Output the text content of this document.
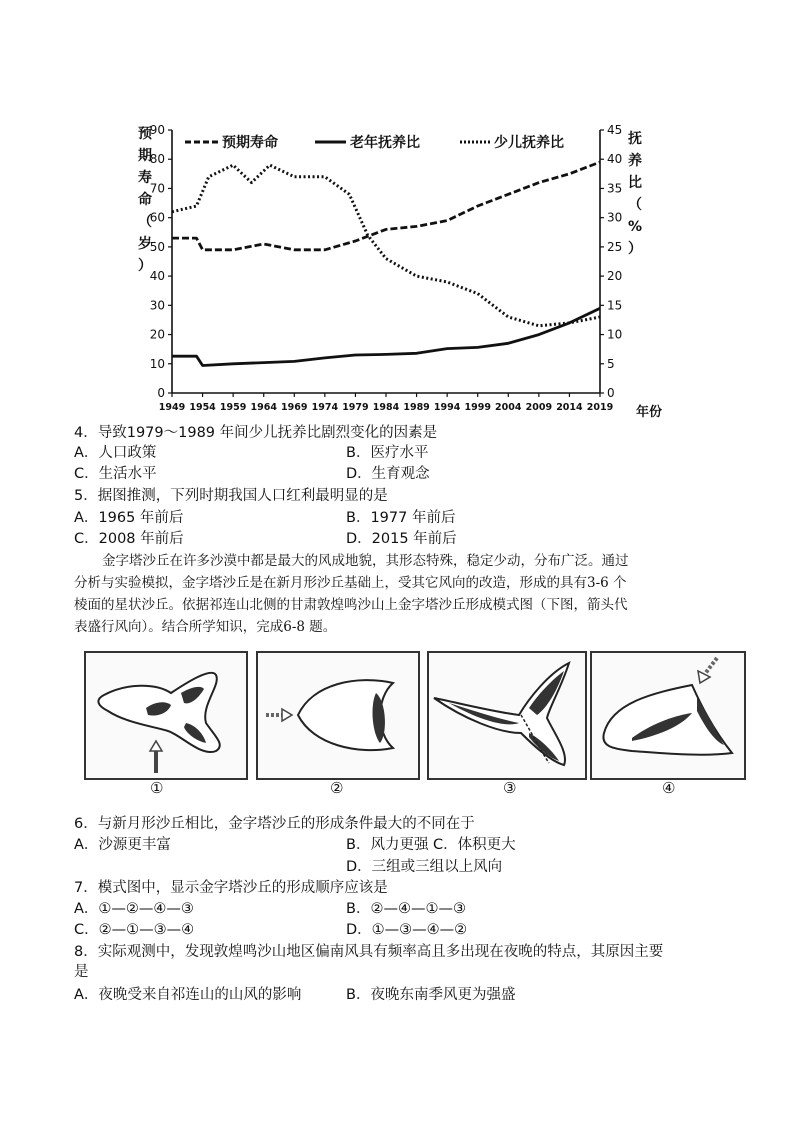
0
10
20
30
40
50
60
70
80
90
0
5
10
15
20
25
30
35
40
45
1949 1954 1959 1964 1969 1974 1979 1984 1989 1994 1999 2004 2009 2014 2019
预期寿命（岁）
抚养比（%）
年份
预期寿命	老年抚养比	少儿抚养比
4．导致1979～1989 年间少儿抚养比剧烈变化的因素是
A．人口政策	B．医疗水平
C．生活水平	D．生育观念
5．据图推测，下列时期我国人口红利最明显的是
A．1965 年前后	B．1977 年前后
C．2008 年前后	D．2015 年前后
金字塔沙丘在许多沙漠中都是最大的风成地貌，其形态特殊，稳定少动，分布广泛。通过
分析与实验模拟，金字塔沙丘是在新月形沙丘基础上，受其它风向的改造，形成的具有3-6 个
棱面的星状沙丘。依据祁连山北侧的甘肃敦煌鸣沙山上金字塔沙丘形成模式图（下图，箭头代
表盛行风向）。结合所学知识，完成6-8 题。
①	②	③	④
6．与新月形沙丘相比，金字塔沙丘的形成条件最大的不同在于
A．沙源更丰富	B．风力更强 C．体积更大
D．三组或三组以上风向
7．模式图中，显示金字塔沙丘的形成顺序应该是
A．①—②—④—③	B．②—④—①—③
C．②—①—③—④	D．①—③—④—②
8．实际观测中，发现敦煌鸣沙山地区偏南风具有频率高且多出现在夜晚的特点，其原因主要
是
A．夜晚受来自祁连山的山风的影响	B．夜晚东南季风更为强盛
